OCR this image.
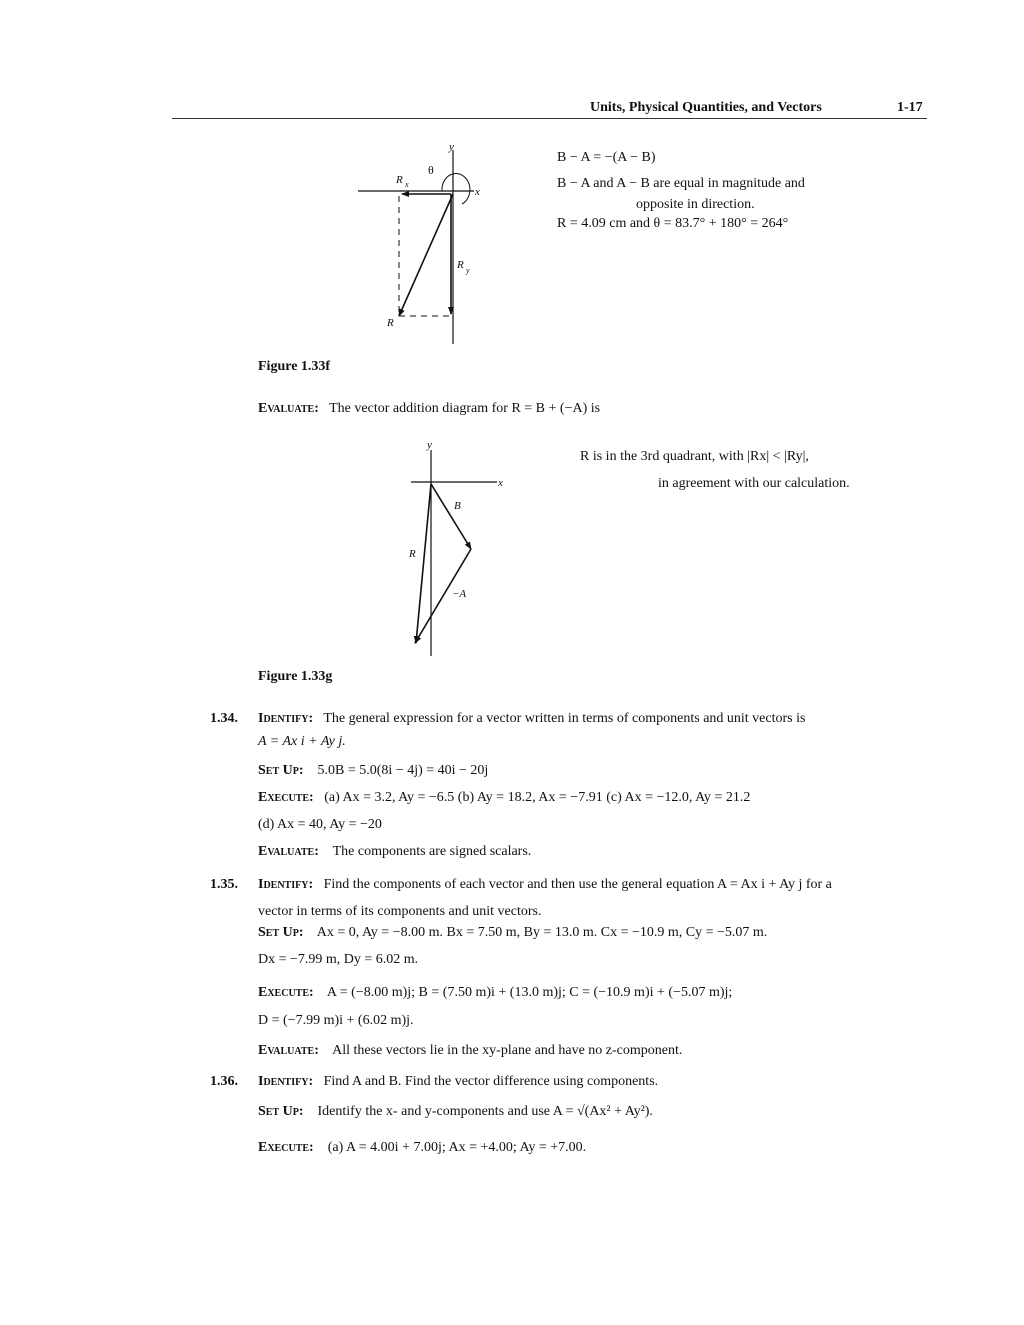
Units, Physical Quantities, and Vectors	1-17
y
x
θ
R x
R y
R
B − A = −(A − B)
B − A and A − B are equal in magnitude and
opposite in direction.
R = 4.09 cm and θ = 83.7° + 180° = 264°
Figure 1.33f
Evaluate: The vector addition diagram for R = B + (−A) is
y
x
B
R
−A
R is in the 3rd quadrant, with |Rx| < |Ry|,
in agreement with our calculation.
Figure 1.33g
1.34. Identify: The general expression for a vector written in terms of components and unit vectors is
A = Ax i + Ay j.
Set Up: 5.0B = 5.0(8i − 4j) = 40i − 20j
Execute: (a) Ax = 3.2, Ay = −6.5 (b) Ay = 18.2, Ax = −7.91 (c) Ax = −12.0, Ay = 21.2
(d) Ax = 40, Ay = −20
Evaluate: The components are signed scalars.
1.35. Identify: Find the components of each vector and then use the general equation A = Ax i + Ay j for a
vector in terms of its components and unit vectors.
Set Up: Ax = 0, Ay = −8.00 m. Bx = 7.50 m, By = 13.0 m. Cx = −10.9 m, Cy = −5.07 m.
Dx = −7.99 m, Dy = 6.02 m.
Execute: A = (−8.00 m)j; B = (7.50 m)i + (13.0 m)j; C = (−10.9 m)i + (−5.07 m)j;
D = (−7.99 m)i + (6.02 m)j.
Evaluate: All these vectors lie in the xy-plane and have no z-component.
1.36. Identify: Find A and B. Find the vector difference using components.
Set Up: Identify the x- and y-components and use A = √(Ax² + Ay²).
Execute: (a) A = 4.00i + 7.00j; Ax = +4.00; Ay = +7.00.
